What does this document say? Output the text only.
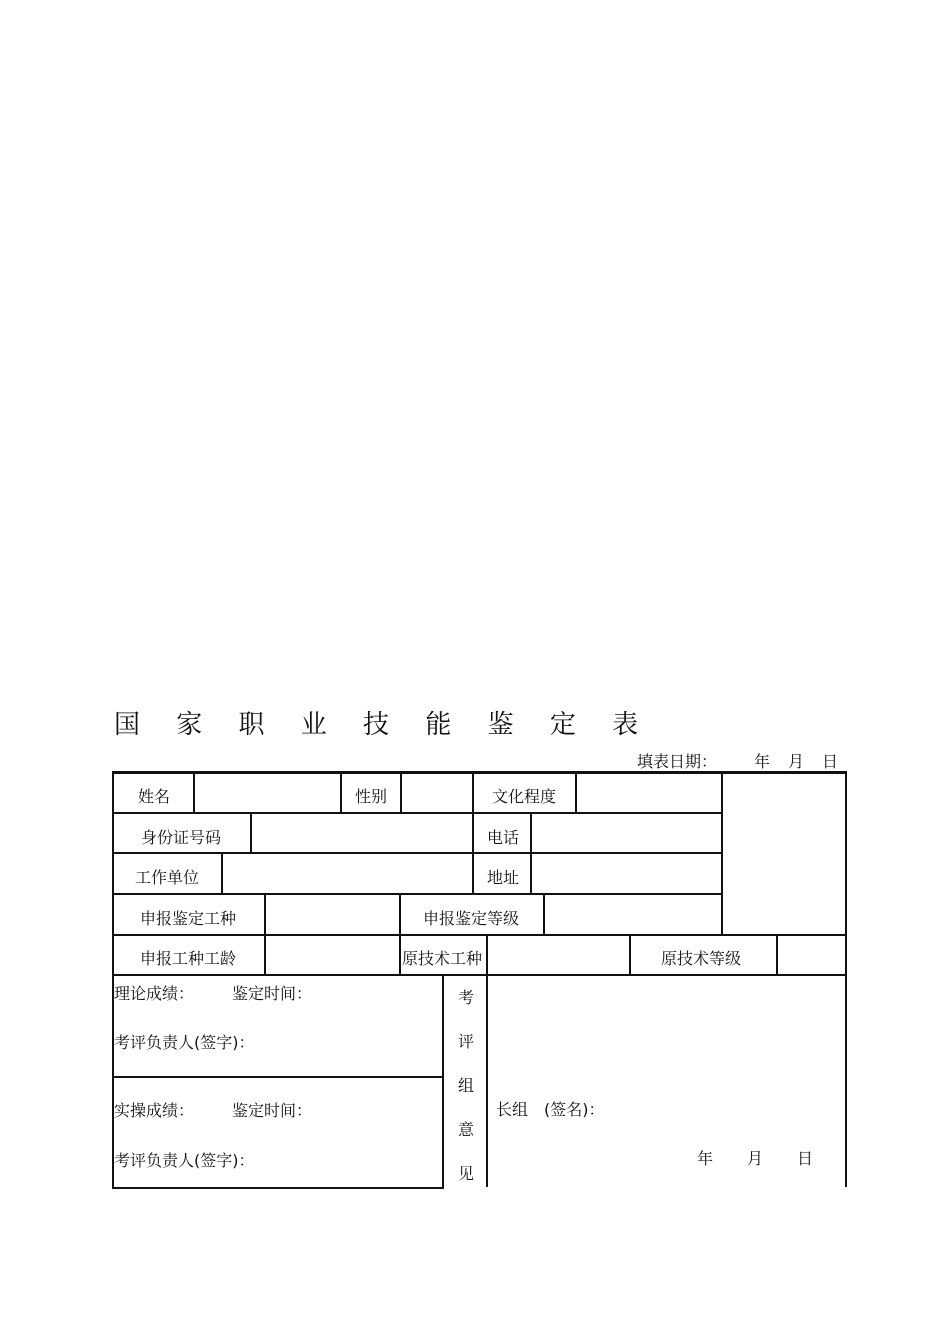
国 家 职 业 技 能 鉴 定 表
填表日期： 年 月 日
姓名	性别	文化程度
身份证号码	电话
工作单位	地址
申报鉴定工种	申报鉴定等级
申报工种工龄	原技术工种	原技术等级
理论成绩： 鉴定时间：
考评负责人(签字)：
实操成绩： 鉴定时间：
考评负责人(签字)：
考
评
组
意
见
长组　(签名)：
年 月 日
